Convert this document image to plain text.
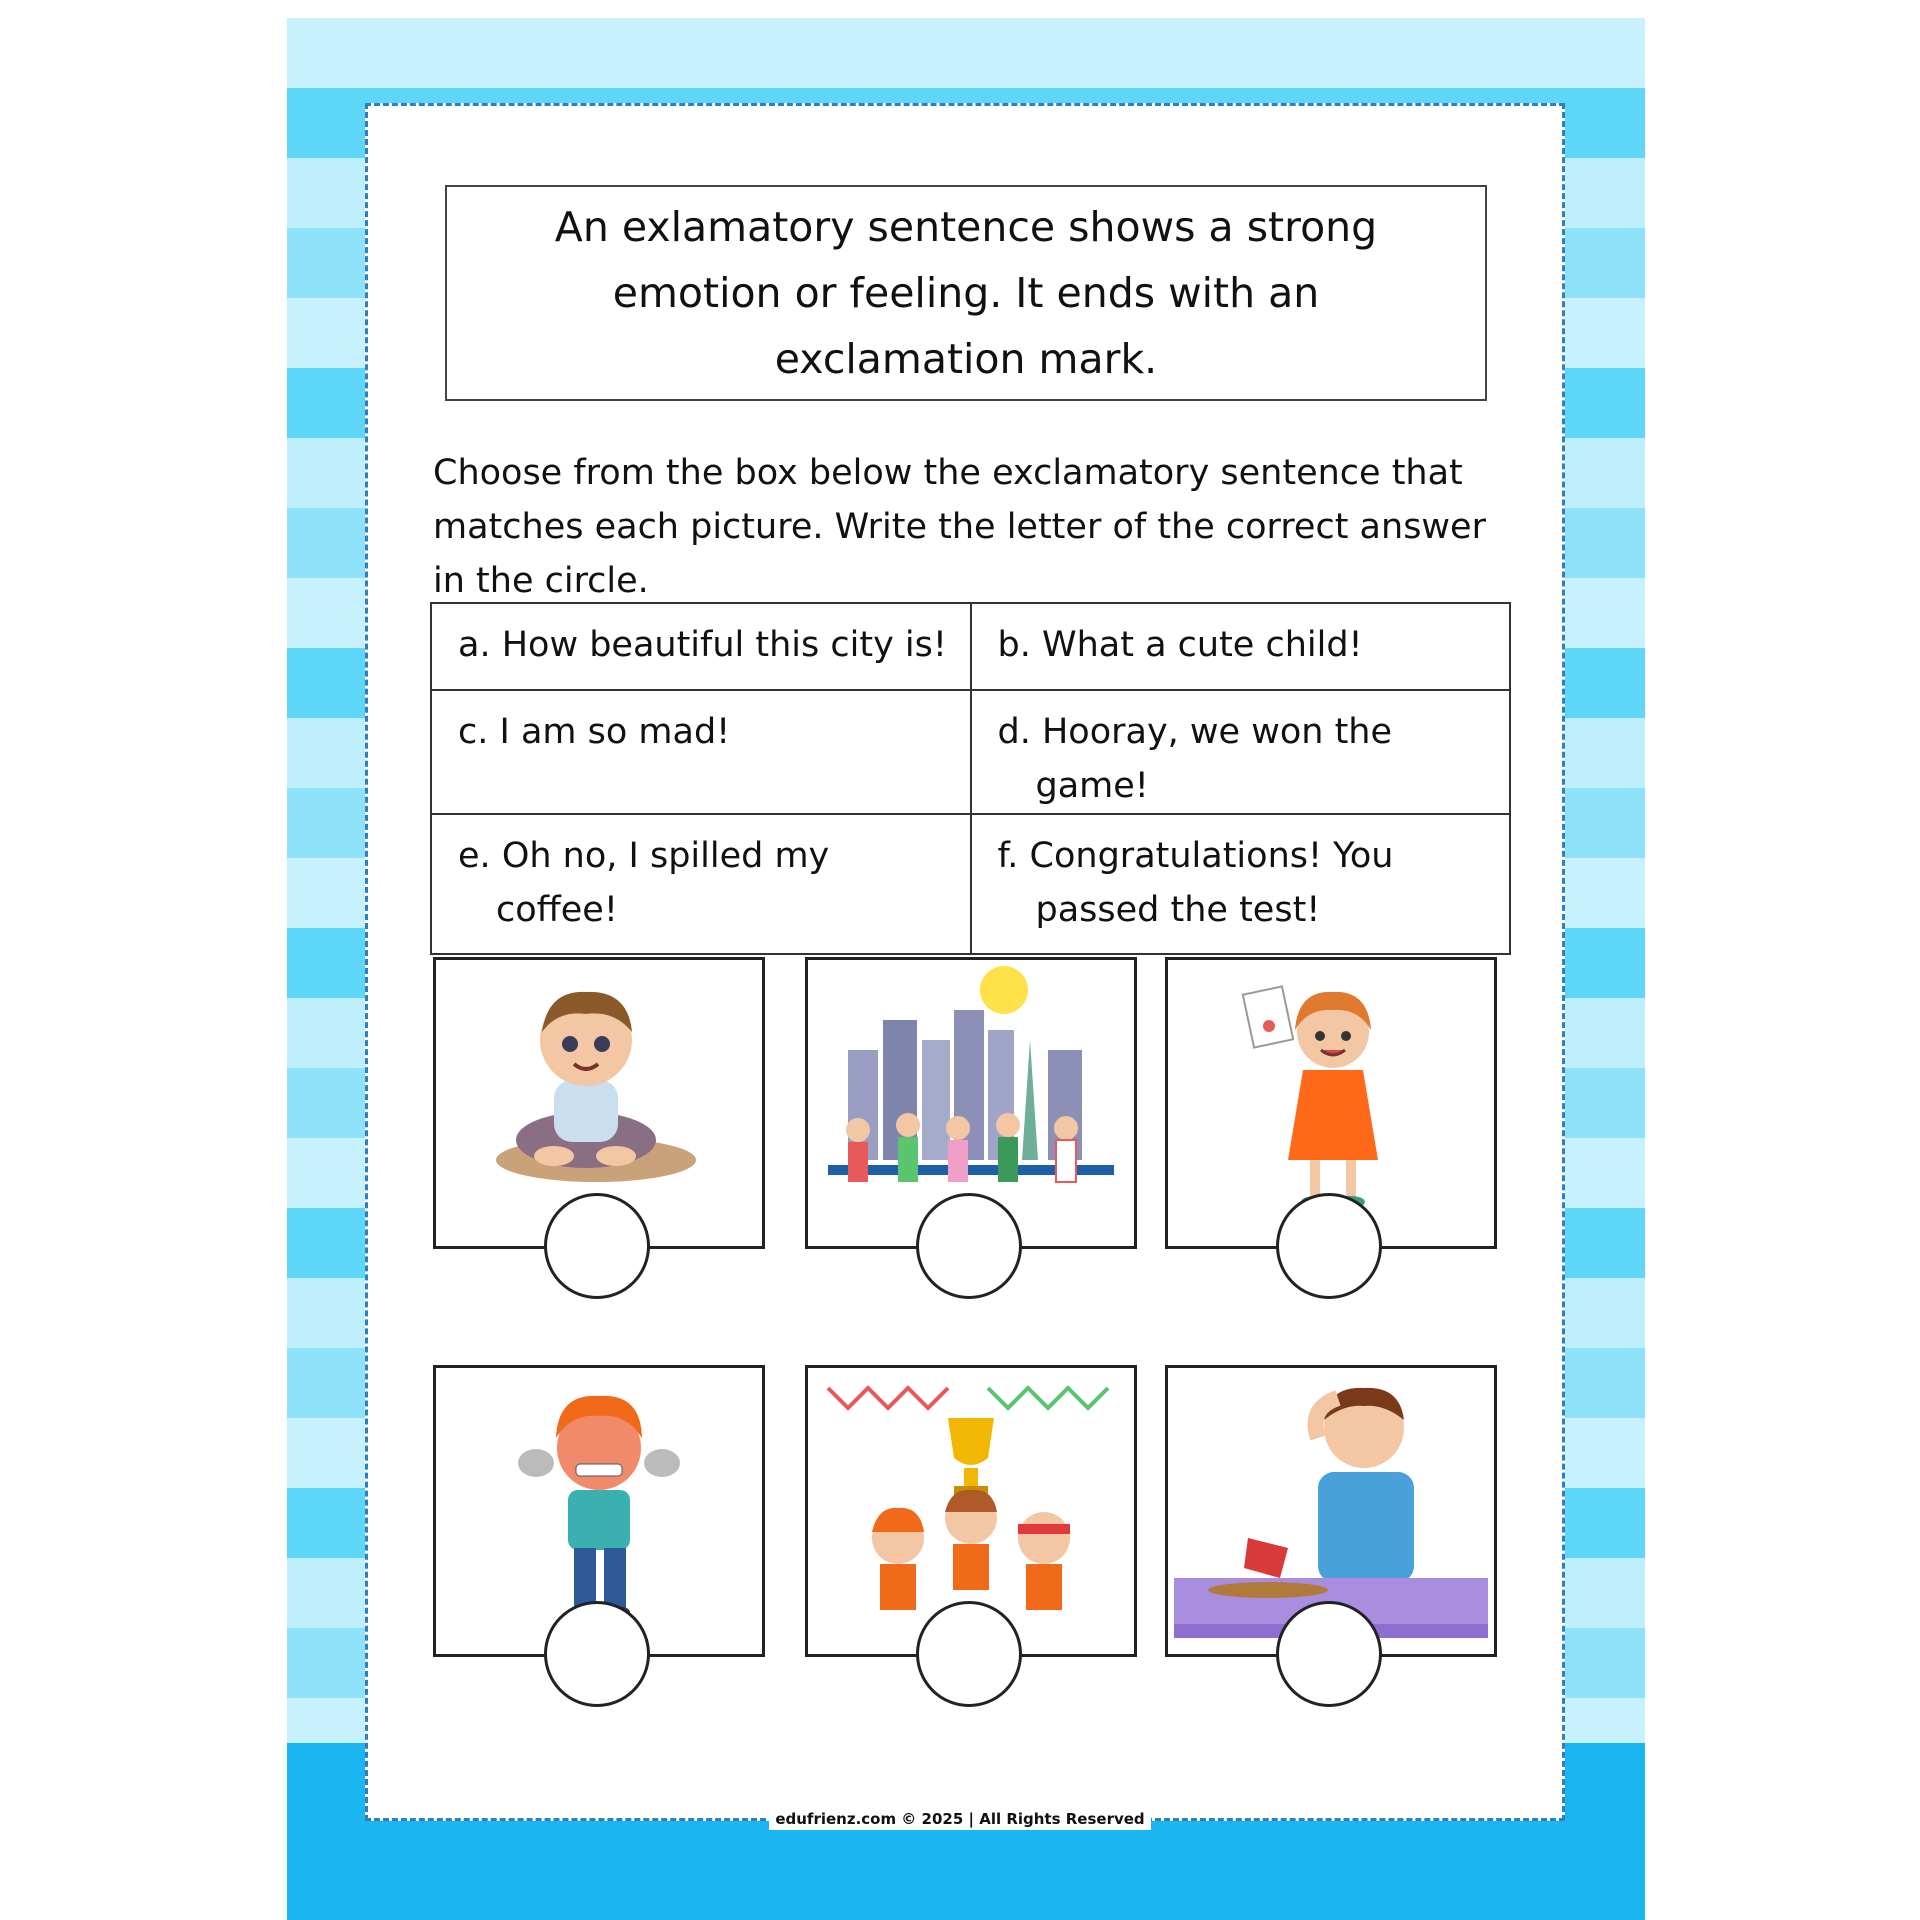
An exlamatory sentence shows a strong emotion or feeling. It ends with an exclamation mark.
Choose from the box below the exclamatory sentence that matches each picture. Write the letter of the correct answer in the circle.
a. How beautiful this city is!	b. What a cute child!

c. I am so mad!	d. Hooray, we won the game!

e. Oh no, I spilled my coffee!	f. Congratulations! You passed the test!
edufrienz.com © 2025 | All Rights Reserved
